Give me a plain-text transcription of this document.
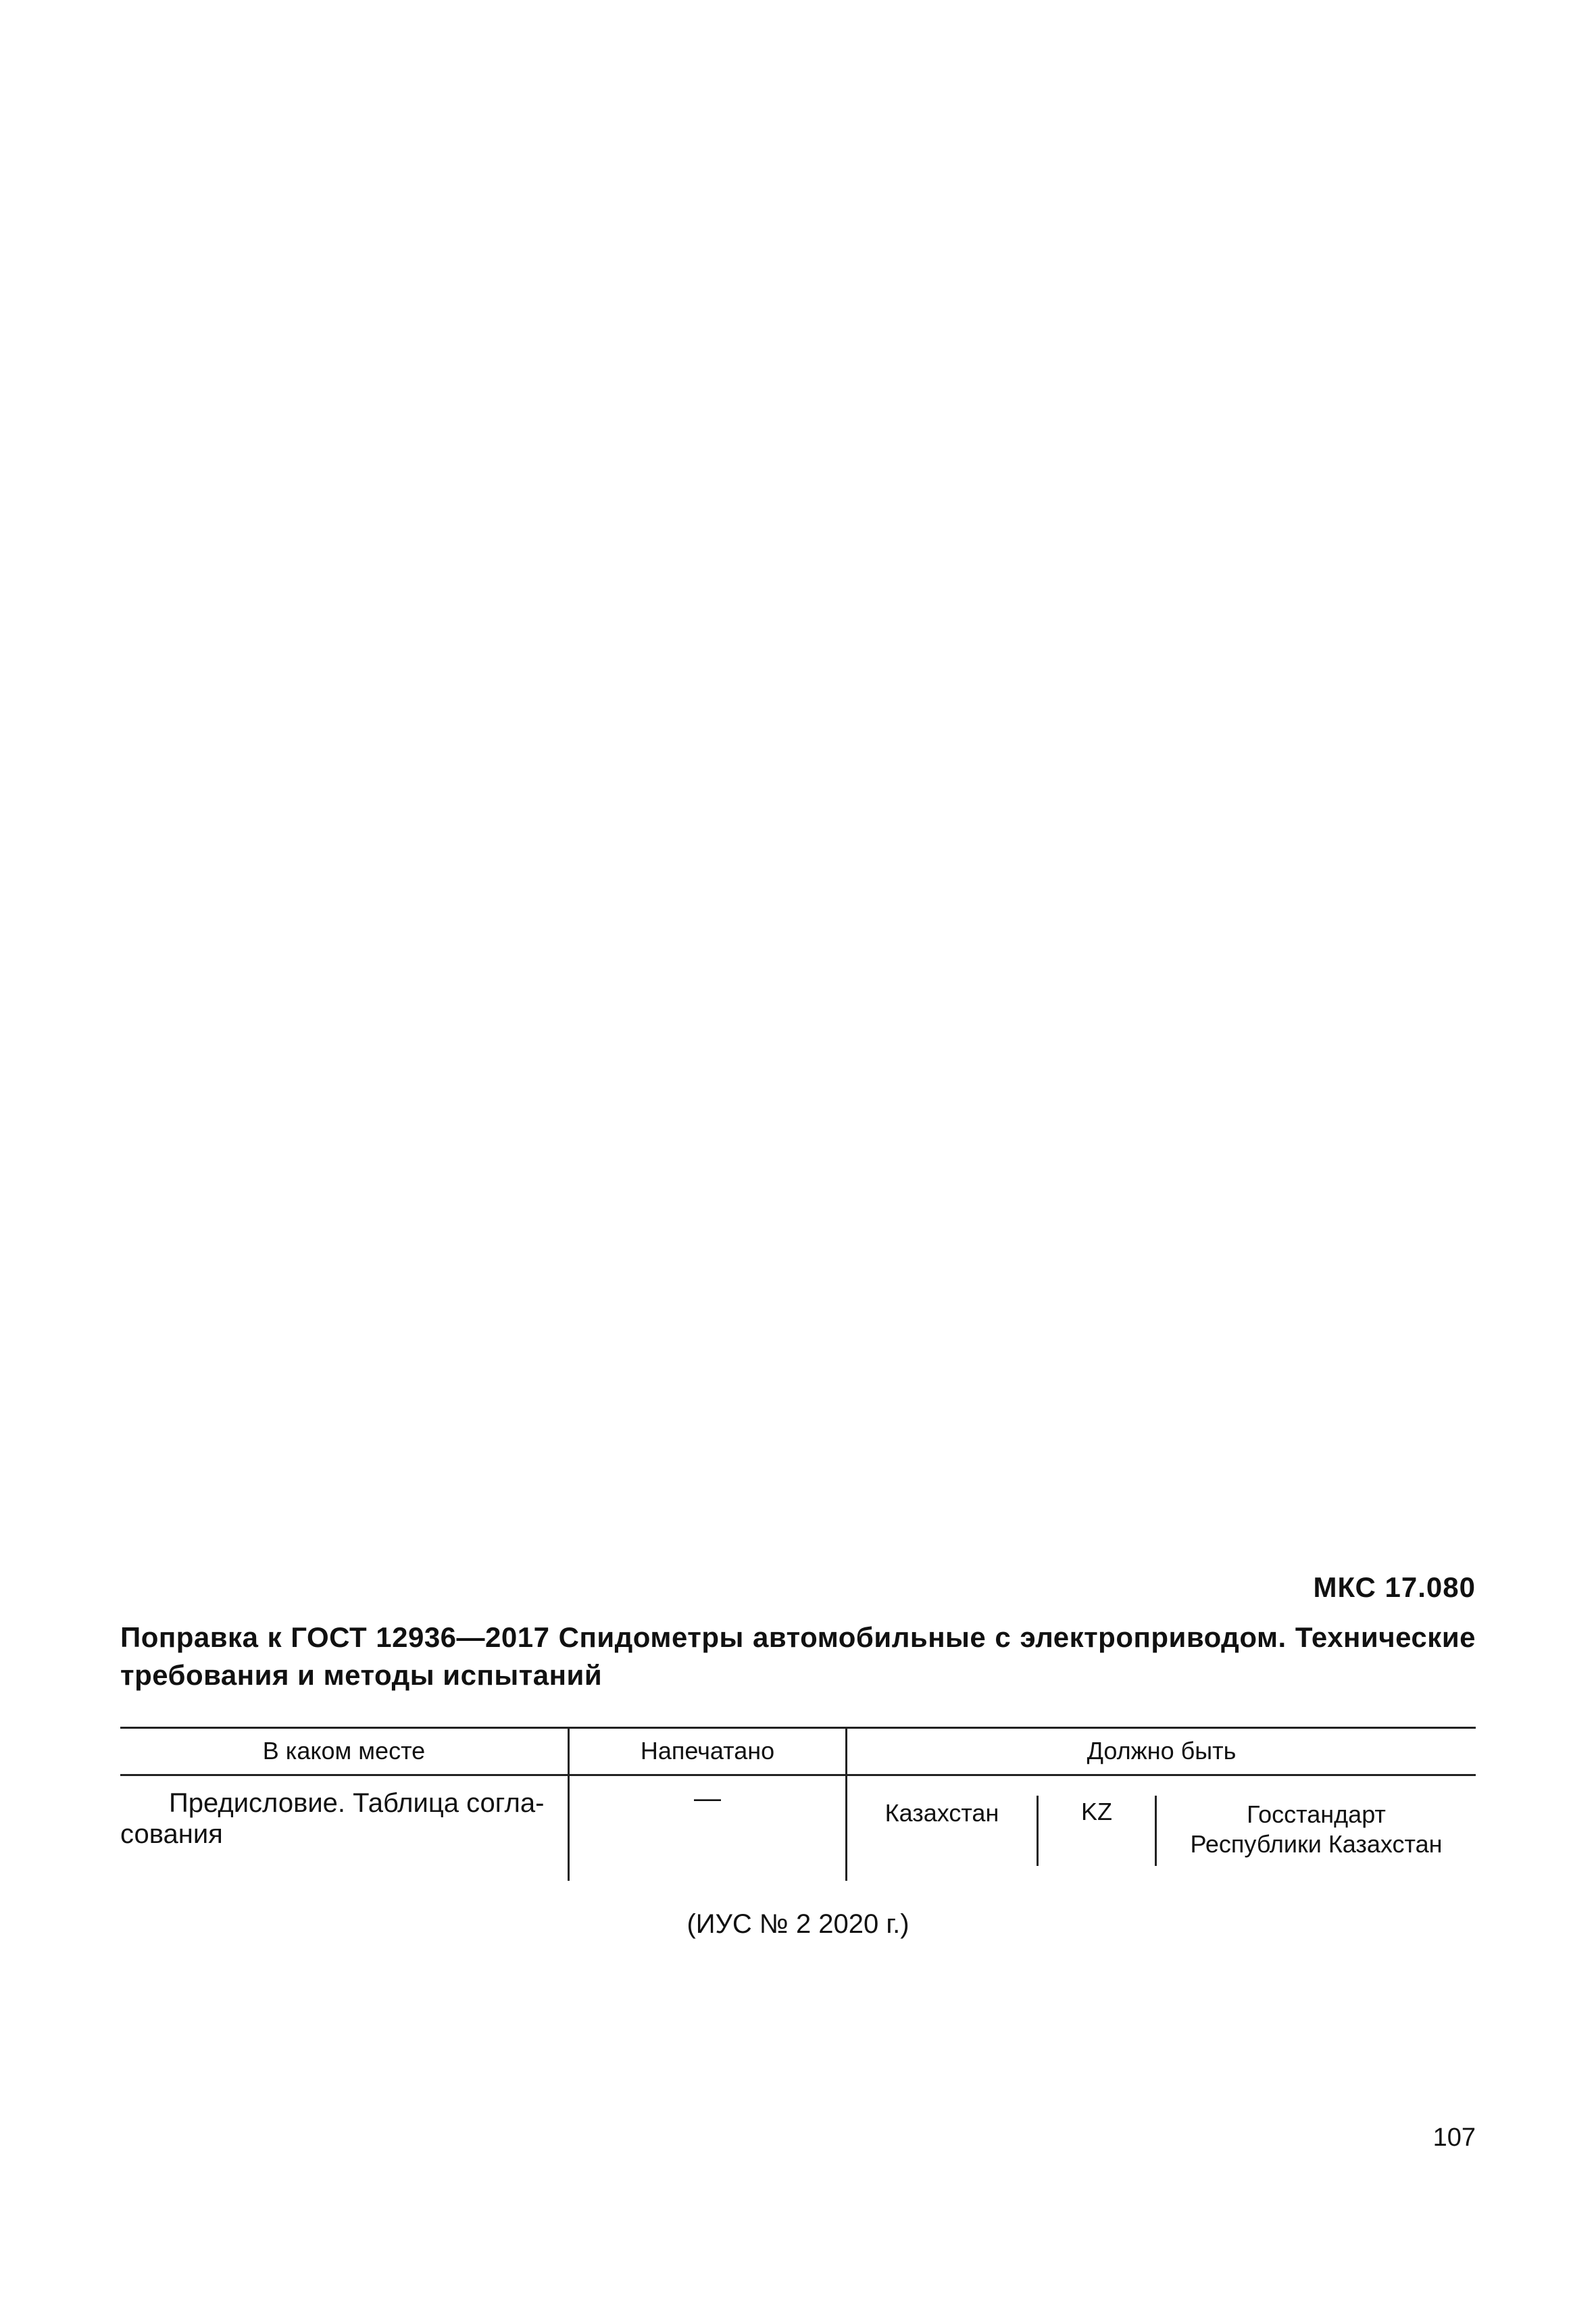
МКС 17.080
Поправка к ГОСТ 12936—2017 Спидометры автомобильные с электроприводом. Технические требования и методы испытаний
В каком месте	Напечатано	Должно быть
Предисловие. Таблица согла-
сования
—	Казахстан	KZ	Госстандарт
Республики Казахстан
(ИУС № 2 2020 г.)
107
